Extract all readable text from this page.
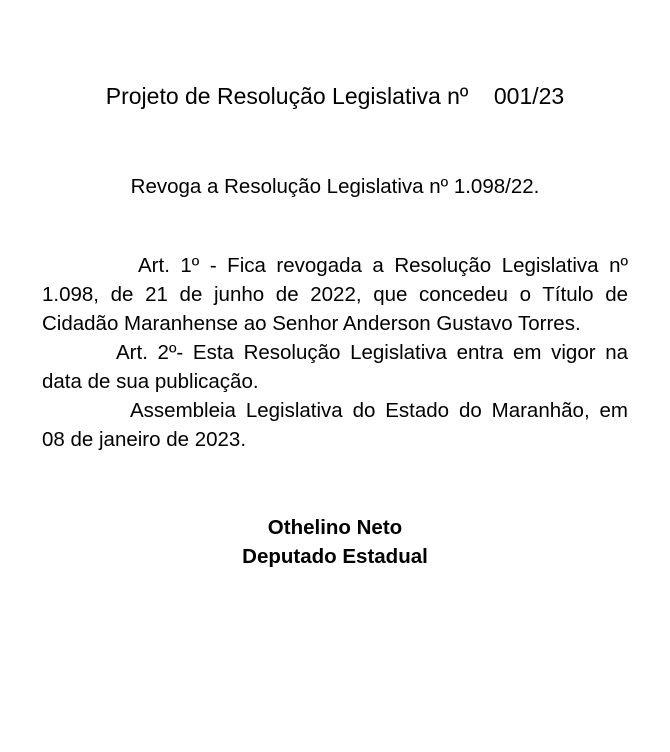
Projeto de Resolução Legislativa nº    001/23
Revoga a Resolução Legislativa nº 1.098/22.

Art. 1º - Fica revogada a Resolução Legislativa nº 1.098, de 21 de junho de 2022, que concedeu o Título de Cidadão Maranhense ao Senhor Anderson Gustavo Torres.

Art. 2º- Esta Resolução Legislativa entra em vigor na data de sua publicação.

Assembleia Legislativa do Estado do Maranhão, em 08 de janeiro de 2023.

Othelino Neto
Deputado Estadual
